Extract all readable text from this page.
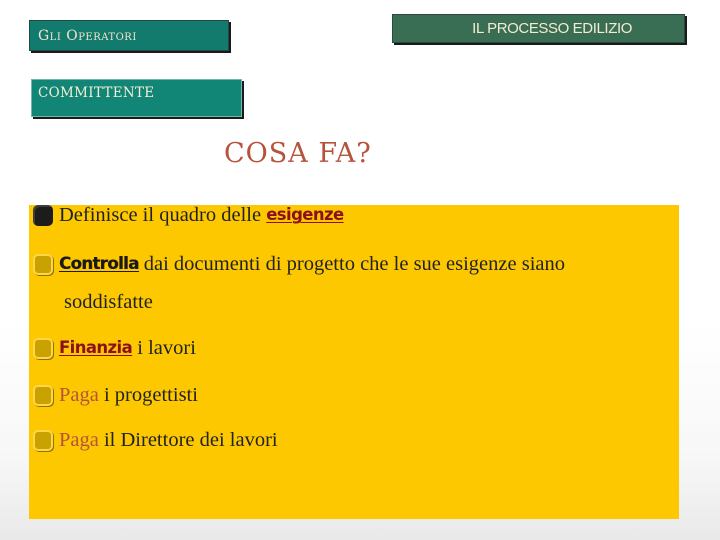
Gli Operatori	IL PROCESSO EDILIZIO
COMMITTENTE
COSA FA?
Definisce il quadro delle esigenze
Controlla dai documenti di progetto che le sue esigenze siano
soddisfatte
Finanzia i lavori
Paga i progettisti
Paga il Direttore dei lavori
